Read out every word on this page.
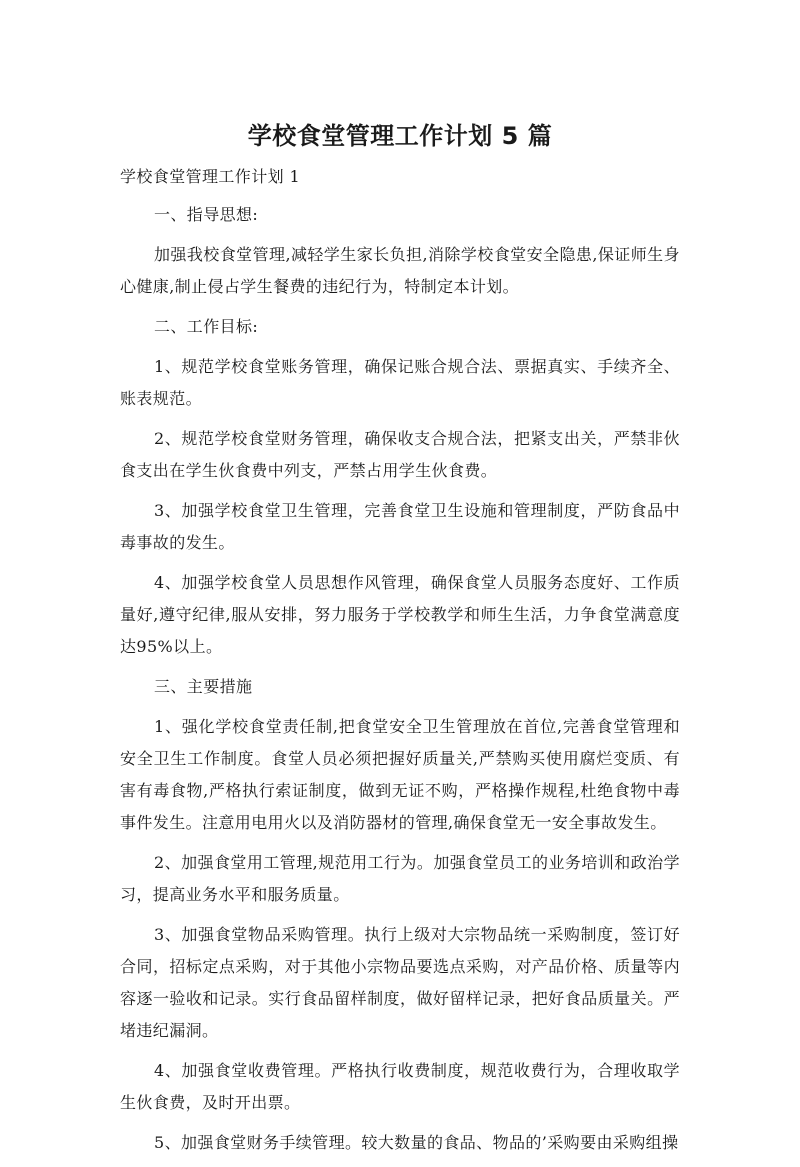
学校食堂管理工作计划 5 篇

学校食堂管理工作计划 1

一、指导思想:

加强我校食堂管理,减轻学生家长负担,消除学校食堂安全隐患,保证师生身心健康,制止侵占学生餐费的违纪行为，特制定本计划。

二、工作目标:

1、规范学校食堂账务管理，确保记账合规合法、票据真实、手续齐全、账表规范。

2、规范学校食堂财务管理，确保收支合规合法，把紧支出关，严禁非伙食支出在学生伙食费中列支，严禁占用学生伙食费。

3、加强学校食堂卫生管理，完善食堂卫生设施和管理制度，严防食品中毒事故的发生。

4、加强学校食堂人员思想作风管理，确保食堂人员服务态度好、工作质量好,遵守纪律,服从安排，努力服务于学校教学和师生生活，力争食堂满意度达95%以上。

三、主要措施

1、强化学校食堂责任制,把食堂安全卫生管理放在首位,完善食堂管理和安全卫生工作制度。食堂人员必须把握好质量关,严禁购买使用腐烂变质、有害有毒食物,严格执行索证制度，做到无证不购，严格操作规程,杜绝食物中毒事件发生。注意用电用火以及消防器材的管理,确保食堂无一安全事故发生。

2、加强食堂用工管理,规范用工行为。加强食堂员工的业务培训和政治学习，提高业务水平和服务质量。

3、加强食堂物品采购管理。执行上级对大宗物品统一采购制度，签订好合同，招标定点采购，对于其他小宗物品要选点采购，对产品价格、质量等内容逐一验收和记录。实行食品留样制度，做好留样记录，把好食品质量关。严堵违纪漏洞。

4、加强食堂收费管理。严格执行收费制度，规范收费行为，合理收取学生伙食费，及时开出票。

5、加强食堂财务手续管理。较大数量的食品、物品的’采购要由采购组操
